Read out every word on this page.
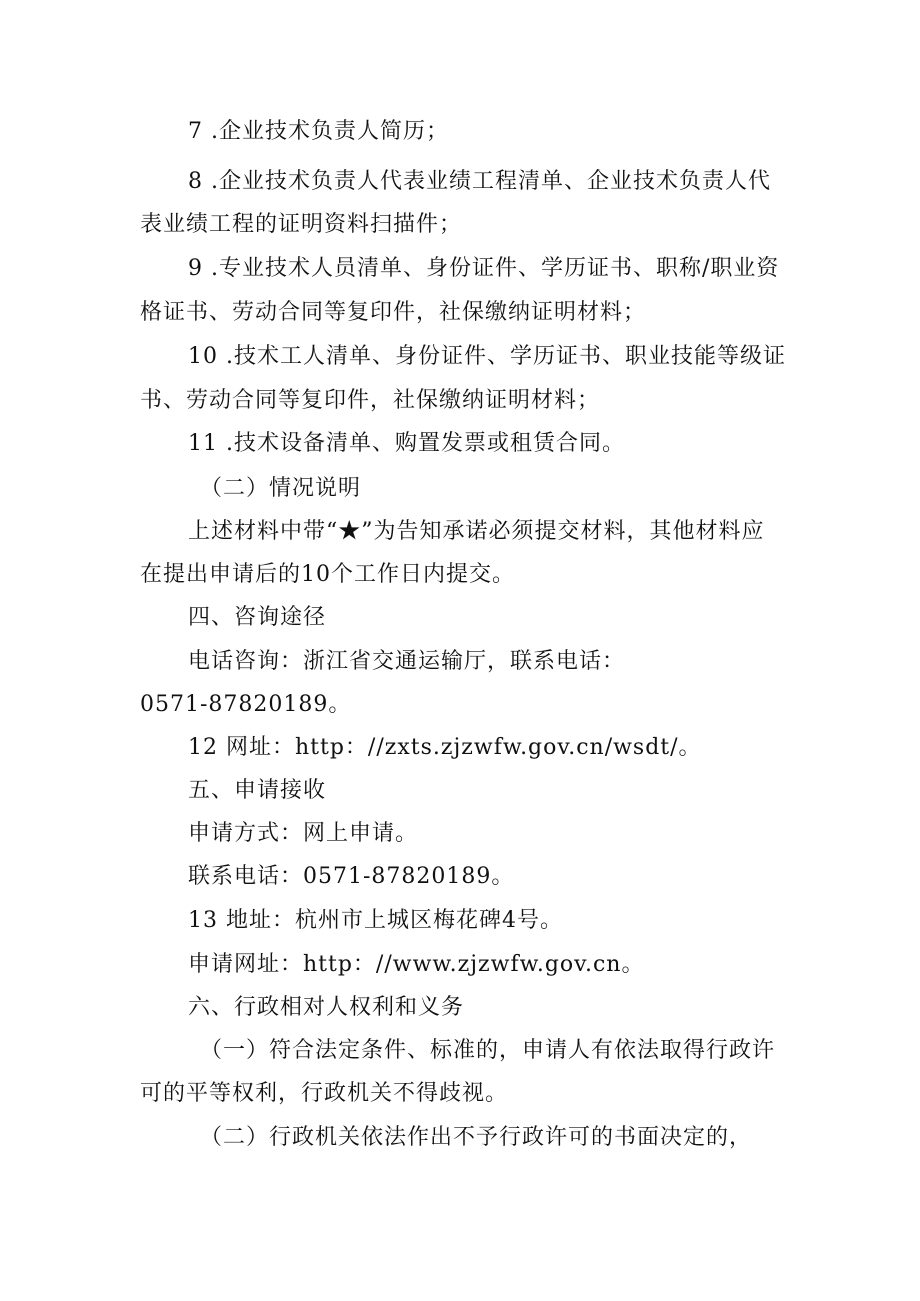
7 .企业技术负责人简历；
8 .企业技术负责人代表业绩工程清单、企业技术负责人代
表业绩工程的证明资料扫描件；
9 .专业技术人员清单、身份证件、学历证书、职称/职业资
格证书、劳动合同等复印件，社保缴纳证明材料；
10 .技术工人清单、身份证件、学历证书、职业技能等级证
书、劳动合同等复印件，社保缴纳证明材料；
11 .技术设备清单、购置发票或租赁合同。
（二）情况说明
上述材料中带“★”为告知承诺必须提交材料，其他材料应
在提出申请后的10个工作日内提交。
四、咨询途径
电话咨询：浙江省交通运输厅，联系电话：
0571-87820189。
12 网址：http：//zxts.zjzwfw.gov.cn/wsdt/。
五、申请接收
申请方式：网上申请。
联系电话：0571-87820189。
13 地址：杭州市上城区梅花碑4号。
申请网址：http：//www.zjzwfw.gov.cn。
六、行政相对人权利和义务
（一）符合法定条件、标准的，申请人有依法取得行政许
可的平等权利，行政机关不得歧视。
（二）行政机关依法作出不予行政许可的书面决定的，
